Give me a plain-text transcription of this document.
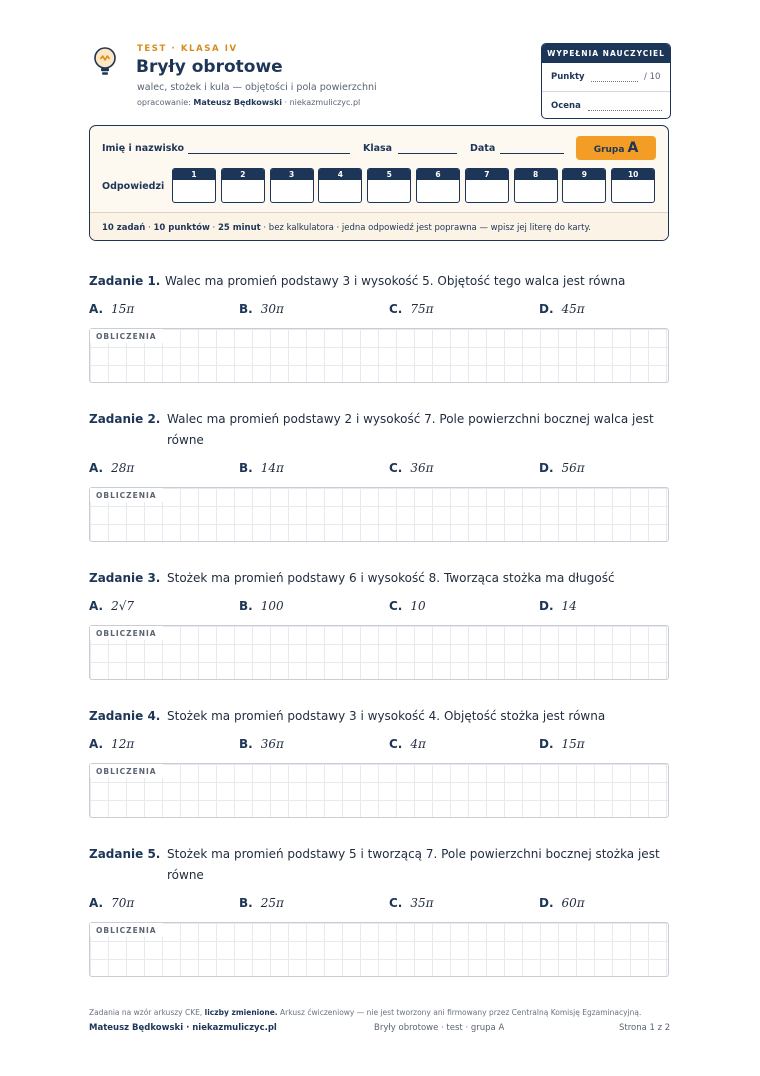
TEST · KLASA IV
Bryły obrotowe
walec, stożek i kula — objętości i pola powierzchni
opracowanie: Mateusz Będkowski · niekazmuliczyc.pl
WYPEŁNIA NAUCZYCIEL
Punkty	/ 10
Ocena
Imię i nazwisko	Klasa	Data	Grupa A
Odpowiedzi
1	2	3	4	5	6	7	8	9	10
10 zadań · 10 punktów · 25 minut · bez kalkulatora · jedna odpowiedź jest poprawna — wpisz jej literę do karty.
Zadanie 1. Walec ma promień podstawy 3 i wysokość 5. Objętość tego walca jest równa
A. 15π	B. 30π	C. 75π	D. 45π
OBLICZENIA
Zadanie 2. Walec ma promień podstawy 2 i wysokość 7. Pole powierzchni bocznej walca jest równe
A. 28π	B. 14π	C. 36π	D. 56π
OBLICZENIA
Zadanie 3. Stożek ma promień podstawy 6 i wysokość 8. Tworząca stożka ma długość
A. 2√7	B. 100	C. 10	D. 14
OBLICZENIA
Zadanie 4. Stożek ma promień podstawy 3 i wysokość 4. Objętość stożka jest równa
A. 12π	B. 36π	C. 4π	D. 15π
OBLICZENIA
Zadanie 5. Stożek ma promień podstawy 5 i tworzącą 7. Pole powierzchni bocznej stożka jest równe
A. 70π	B. 25π	C. 35π	D. 60π
OBLICZENIA
Zadania na wzór arkuszy CKE, liczby zmienione. Arkusz ćwiczeniowy — nie jest tworzony ani firmowany przez Centralną Komisję Egzaminacyjną.
Mateusz Będkowski · niekazmuliczyc.pl	Bryły obrotowe · test · grupa A	Strona 1 z 2
